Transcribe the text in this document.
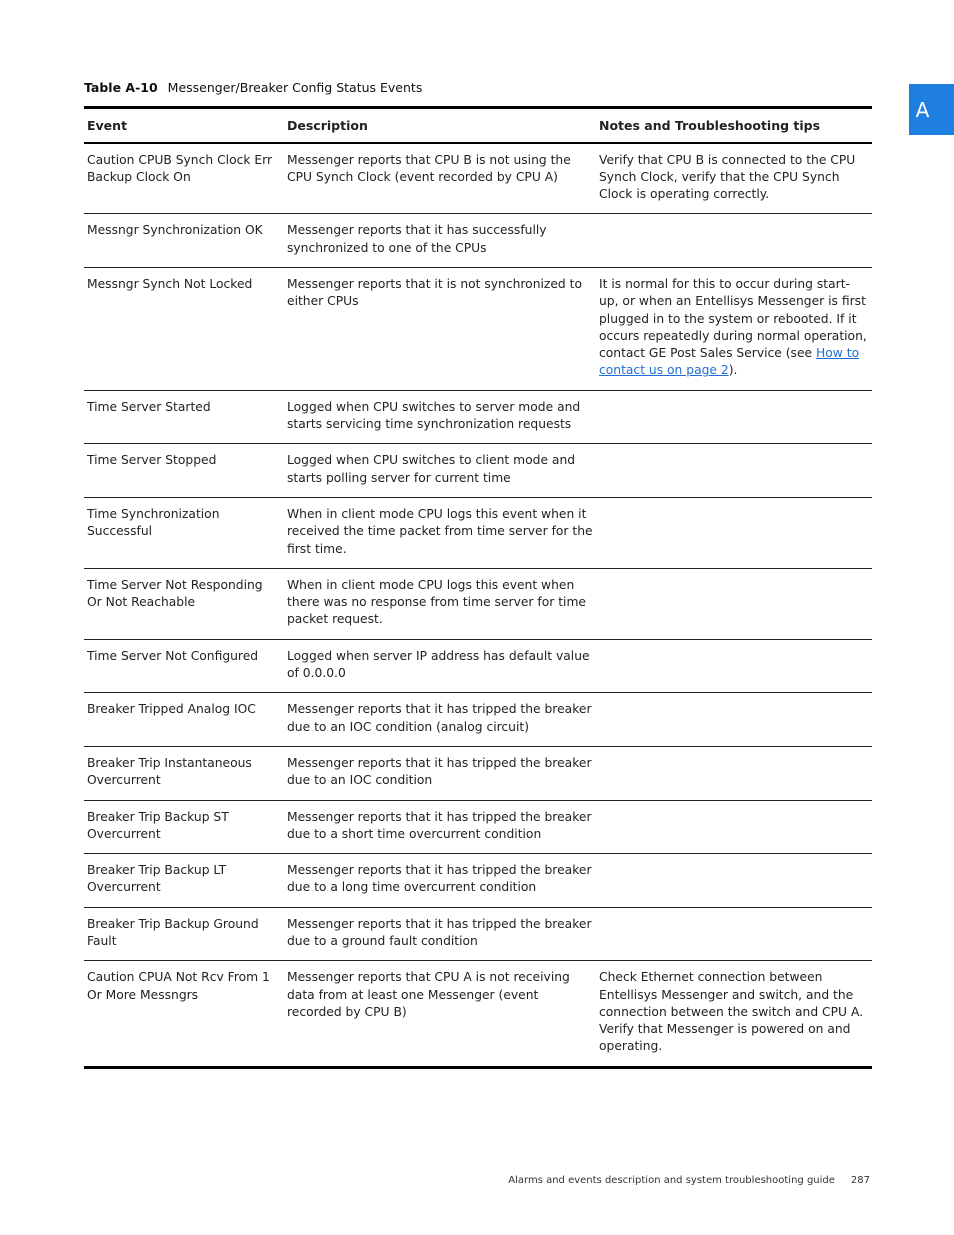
Table A-10 Messenger/Breaker Config Status Events
A
Event	Description	Notes and Troubleshooting tips
Caution CPUB Synch Clock Err Backup Clock On	Messenger reports that CPU B is not using the CPU Synch Clock (event recorded by CPU A)	Verify that CPU B is connected to the CPU Synch Clock, verify that the CPU Synch Clock is operating correctly.
Messngr Synchronization OK	Messenger reports that it has successfully synchronized to one of the CPUs	
Messngr Synch Not Locked	Messenger reports that it is not synchronized to either CPUs	It is normal for this to occur during start-up, or when an Entellisys Messenger is first plugged in to the system or rebooted. If it occurs repeatedly during normal operation, contact GE Post Sales Service (see How to contact us on page 2).
Time Server Started	Logged when CPU switches to server mode and starts servicing time synchronization requests	
Time Server Stopped	Logged when CPU switches to client mode and starts polling server for current time	
Time Synchronization Successful	When in client mode CPU logs this event when it received the time packet from time server for the first time.	
Time Server Not Responding Or Not Reachable	When in client mode CPU logs this event when there was no response from time server for time packet request.	
Time Server Not Configured	Logged when server IP address has default value of 0.0.0.0	
Breaker Tripped Analog IOC	Messenger reports that it has tripped the breaker due to an IOC condition (analog circuit)	
Breaker Trip Instantaneous Overcurrent	Messenger reports that it has tripped the breaker due to an IOC condition	
Breaker Trip Backup ST Overcurrent	Messenger reports that it has tripped the breaker due to a short time overcurrent condition	
Breaker Trip Backup LT Overcurrent	Messenger reports that it has tripped the breaker due to a long time overcurrent condition	
Breaker Trip Backup Ground Fault	Messenger reports that it has tripped the breaker due to a ground fault condition	
Caution CPUA Not Rcv From 1 Or More Messngrs	Messenger reports that CPU A is not receiving data from at least one Messenger (event recorded by CPU B)	Check Ethernet connection between Entellisys Messenger and switch, and the connection between the switch and CPU A. Verify that Messenger is powered on and operating.
Alarms and events description and system troubleshooting guide 287
